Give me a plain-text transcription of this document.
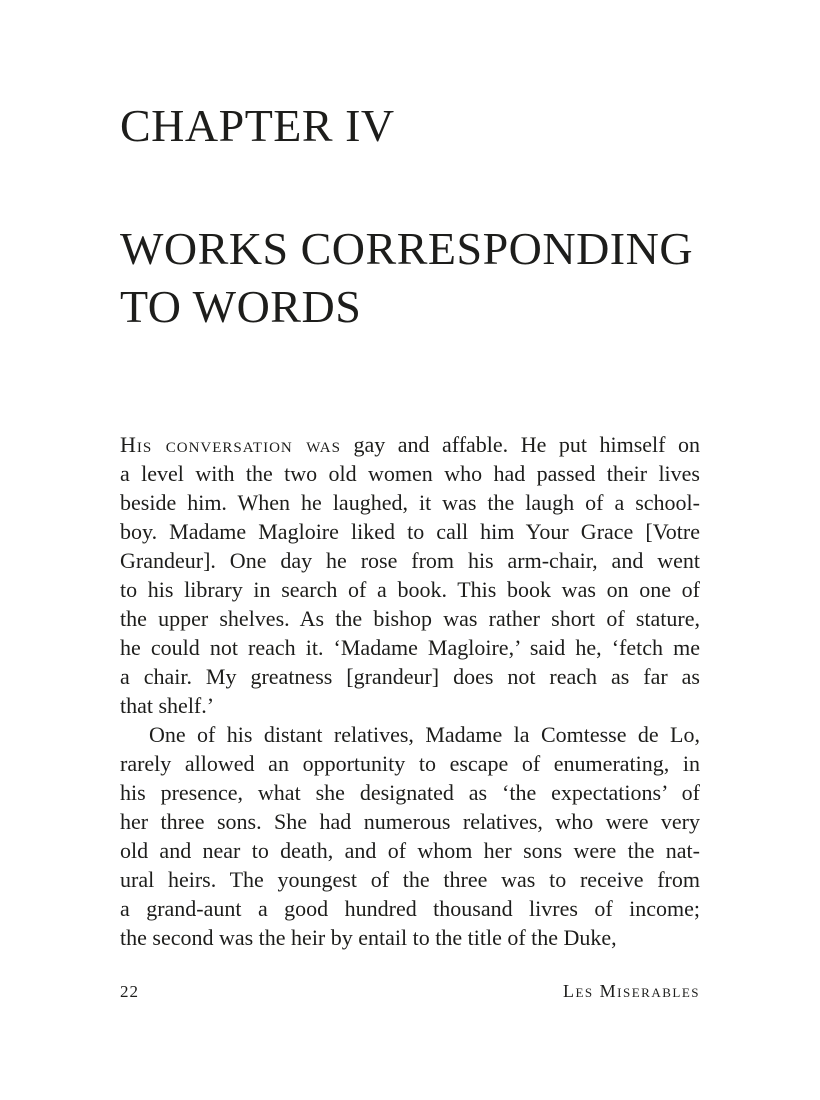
CHAPTER IV
WORKS CORRESPONDING
TO WORDS
His conversation was gay and affable. He put himself on
a level with the two old women who had passed their lives
beside him. When he laughed, it was the laugh of a school-
boy. Madame Magloire liked to call him Your Grace [Votre
Grandeur]. One day he rose from his arm-chair, and went
to his library in search of a book. This book was on one of
the upper shelves. As the bishop was rather short of stature,
he could not reach it. ‘Madame Magloire,’ said he, ‘fetch me
a chair. My greatness [grandeur] does not reach as far as
that shelf.’
One of his distant relatives, Madame la Comtesse de Lo,
rarely allowed an opportunity to escape of enumerating, in
his presence, what she designated as ‘the expectations’ of
her three sons. She had numerous relatives, who were very
old and near to death, and of whom her sons were the nat-
ural heirs. The youngest of the three was to receive from
a grand-aunt a good hundred thousand livres of income;
the second was the heir by entail to the title of the Duke,
22	Les Miserables
